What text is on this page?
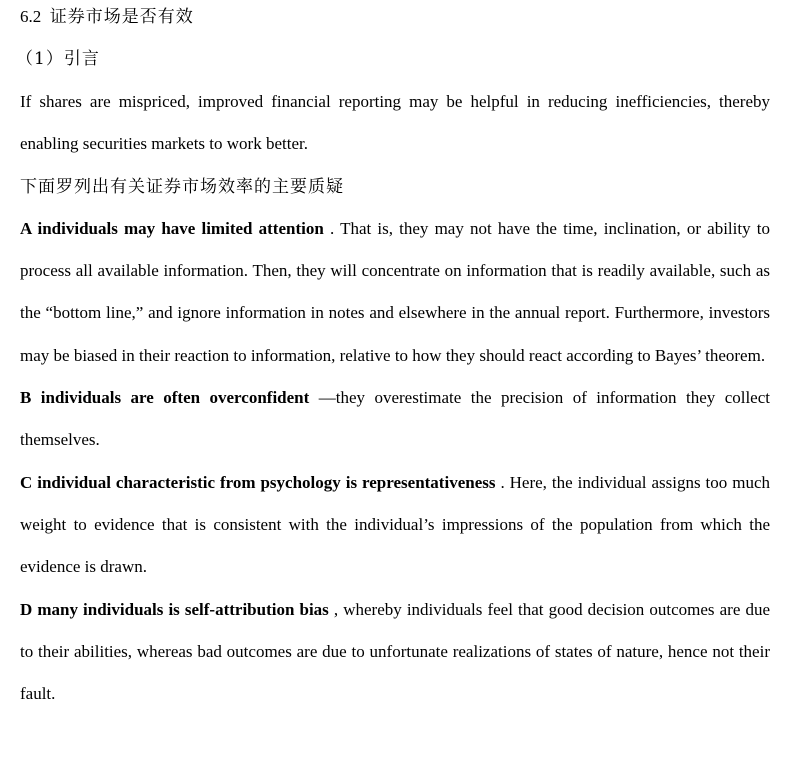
6.2 证券市场是否有效
（1）引言

If shares are mispriced, improved financial reporting may be helpful in reducing inefficiencies, thereby enabling securities markets to work better.

下面罗列出有关证券市场效率的主要质疑

A individuals may have limited attention . That is, they may not have the time, inclination, or ability to process all available information. Then, they will concentrate on information that is readily available, such as the “bottom line,” and ignore information in notes and elsewhere in the annual report. Furthermore, investors may be biased in their reaction to information, relative to how they should react according to Bayes’ theorem.

B individuals are often overconfident —they overestimate the precision of information they collect themselves.

C individual characteristic from psychology is representativeness . Here, the individual assigns too much weight to evidence that is consistent with the individual’s impressions of the population from which the evidence is drawn.

D many individuals is self-attribution bias , whereby individuals feel that good decision outcomes are due to their abilities, whereas bad outcomes are due to unfortunate realizations of states of nature, hence not their fault.
